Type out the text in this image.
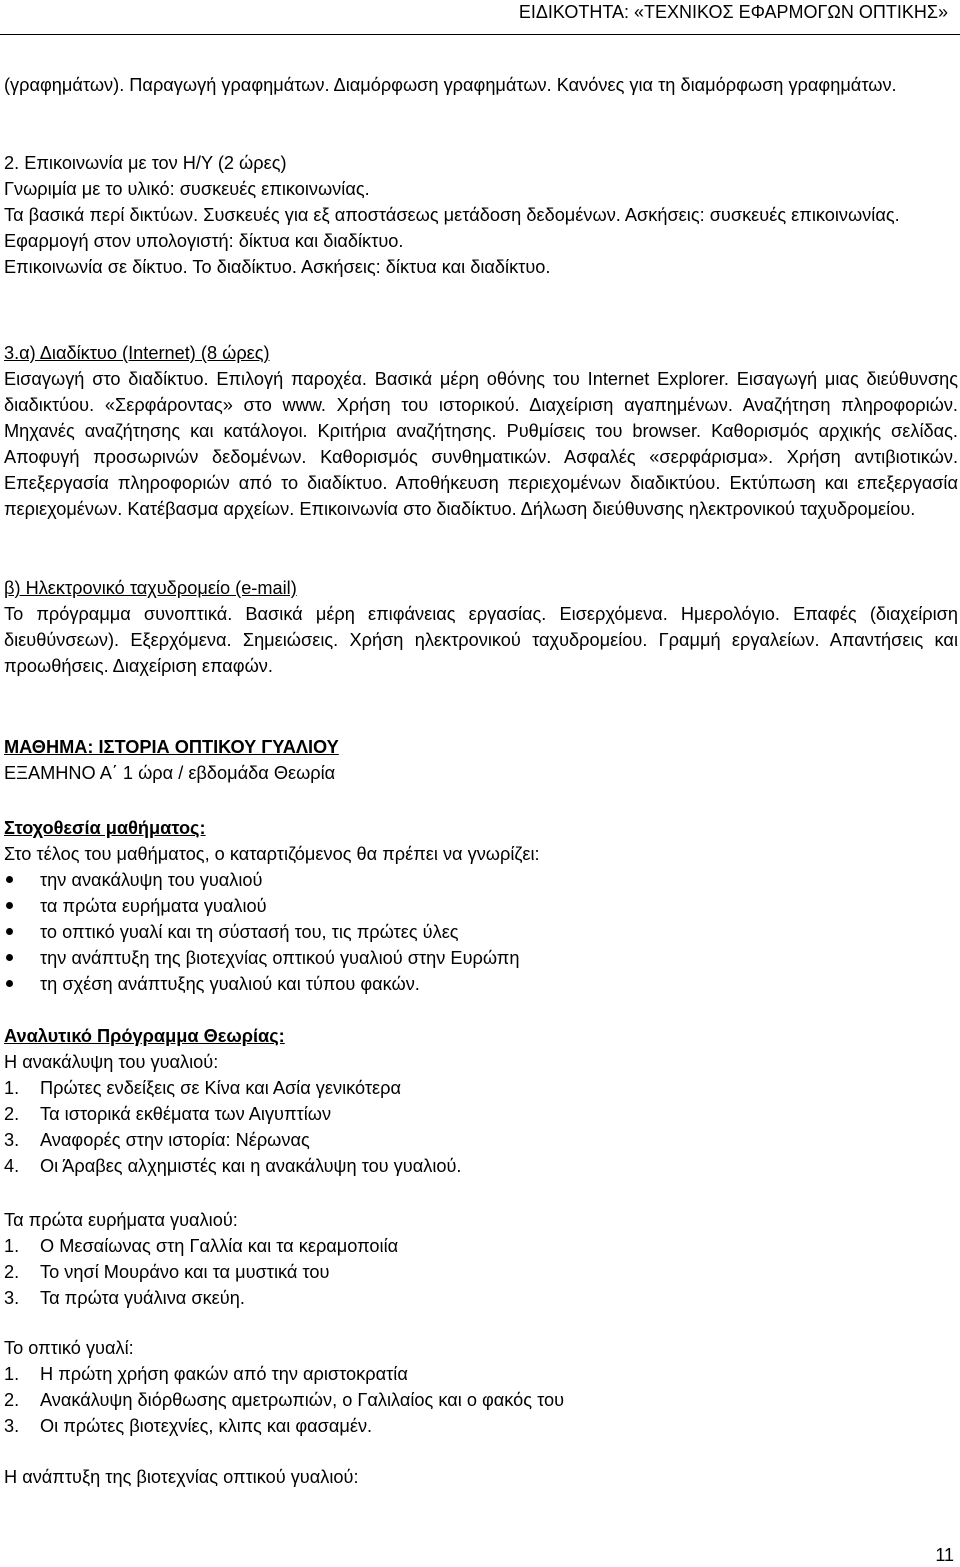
ΕΙΔΙΚΟΤΗΤΑ: «ΤΕΧΝΙΚΟΣ ΕΦΑΡΜΟΓΩΝ ΟΠΤΙΚΗΣ»
(γραφημάτων). Παραγωγή γραφημάτων. Διαμόρφωση γραφημάτων. Κανόνες για τη διαμόρφωση γραφημάτων.
2. Επικοινωνία με τον Η/Υ (2 ώρες)
Γνωριμία με το υλικό: συσκευές επικοινωνίας.
Τα βασικά περί δικτύων. Συσκευές για εξ αποστάσεως μετάδοση δεδομένων. Ασκήσεις: συσκευές επικοινωνίας.
Εφαρμογή στον υπολογιστή: δίκτυα και διαδίκτυο.
Επικοινωνία σε δίκτυο. Το διαδίκτυο. Ασκήσεις: δίκτυα και διαδίκτυο.
3.α) Διαδίκτυο (Internet) (8 ώρες)
Εισαγωγή στο διαδίκτυο. Επιλογή παροχέα. Βασικά μέρη οθόνης του Internet Explorer. Εισαγωγή μιας διεύθυνσης διαδικτύου. «Σερφάροντας» στο www. Χρήση του ιστορικού. Διαχείριση αγαπημένων. Αναζήτηση πληροφοριών. Μηχανές αναζήτησης και κατάλογοι. Κριτήρια αναζήτησης. Ρυθμίσεις του browser. Καθορισμός αρχικής σελίδας. Αποφυγή προσωρινών δεδομένων. Καθορισμός συνθηματικών. Ασφαλές «σερφάρισμα». Χρήση αντιβιοτικών. Επεξεργασία πληροφοριών από το διαδίκτυο. Αποθήκευση περιεχομένων διαδικτύου. Εκτύπωση και επεξεργασία περιεχομένων. Κατέβασμα αρχείων. Επικοινωνία στο διαδίκτυο. Δήλωση διεύθυνσης ηλεκτρονικού ταχυδρομείου.
β) Ηλεκτρονικό ταχυδρομείο (e-mail)
Το πρόγραμμα συνοπτικά. Βασικά μέρη επιφάνειας εργασίας. Εισερχόμενα. Ημερολόγιο. Επαφές (διαχείριση διευθύνσεων). Εξερχόμενα. Σημειώσεις. Χρήση ηλεκτρονικού ταχυδρομείου. Γραμμή εργαλείων. Απαντήσεις και προωθήσεις. Διαχείριση επαφών.
ΜΑΘΗΜΑ: ΙΣΤΟΡΙΑ ΟΠΤΙΚΟΥ ΓΥΑΛΙΟΥ
ΕΞΑΜΗΝΟ Α΄ 1 ώρα / εβδομάδα Θεωρία
Στοχοθεσία μαθήματος:
Στο τέλος του μαθήματος, ο καταρτιζόμενος θα πρέπει να γνωρίζει:
την ανακάλυψη του γυαλιού
τα πρώτα ευρήματα γυαλιού
το οπτικό γυαλί και τη σύστασή του, τις πρώτες ύλες
την ανάπτυξη της βιοτεχνίας οπτικού γυαλιού στην Ευρώπη
τη σχέση ανάπτυξης γυαλιού και τύπου φακών.
Αναλυτικό Πρόγραμμα Θεωρίας:
Η ανακάλυψη του γυαλιού:
1. Πρώτες ενδείξεις σε Κίνα και Ασία γενικότερα
2. Τα ιστορικά εκθέματα των Αιγυπτίων
3. Αναφορές στην ιστορία: Νέρωνας
4. Οι Άραβες αλχημιστές και η ανακάλυψη του γυαλιού.
Τα πρώτα ευρήματα γυαλιού:
1. Ο Μεσαίωνας στη Γαλλία και τα κεραμοποιία
2. Το νησί Μουράνο και τα μυστικά του
3. Τα πρώτα γυάλινα σκεύη.
Το οπτικό γυαλί:
1. Η πρώτη χρήση φακών από την αριστοκρατία
2. Ανακάλυψη διόρθωσης αμετρωπιών, ο Γαλιλαίος και ο φακός του
3. Οι πρώτες βιοτεχνίες, κλιπς και φασαμέν.
Η ανάπτυξη της βιοτεχνίας οπτικού γυαλιού:
11
